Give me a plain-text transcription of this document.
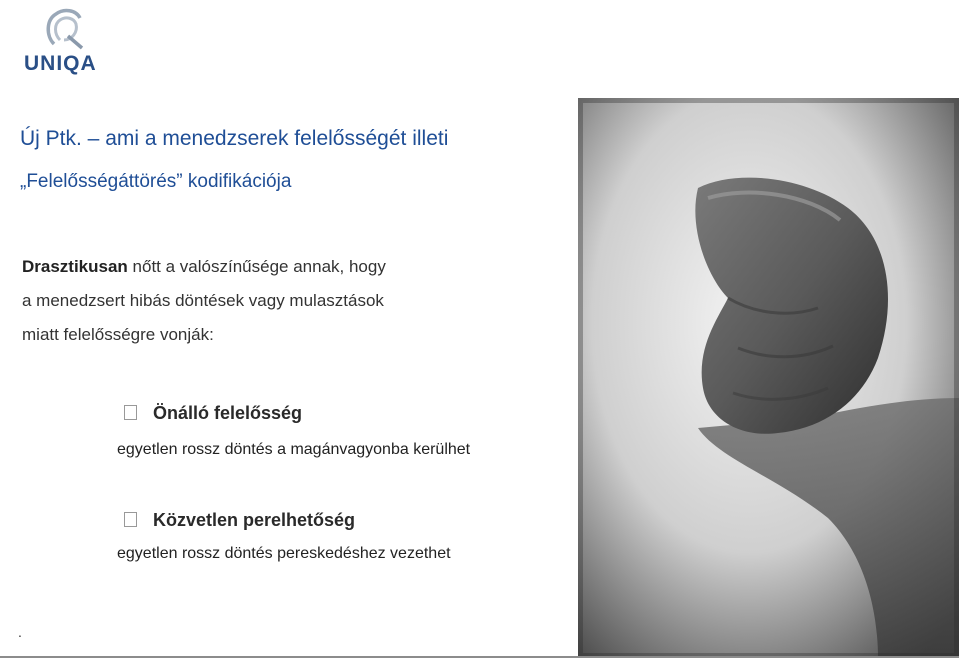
UNIQA
Új Ptk. – ami a menedzserek felelősségét illeti
„Felelősségáttörés” kodifikációja
Drasztikusan nőtt a valószínűsége annak, hogy
a menedzsert hibás döntések vagy mulasztások
miatt felelősségre vonják:
Önálló felelősség
egyetlen rossz döntés a magánvagyonba kerülhet
Közvetlen perelhetőség
egyetlen rossz döntés pereskedéshez vezethet
.
